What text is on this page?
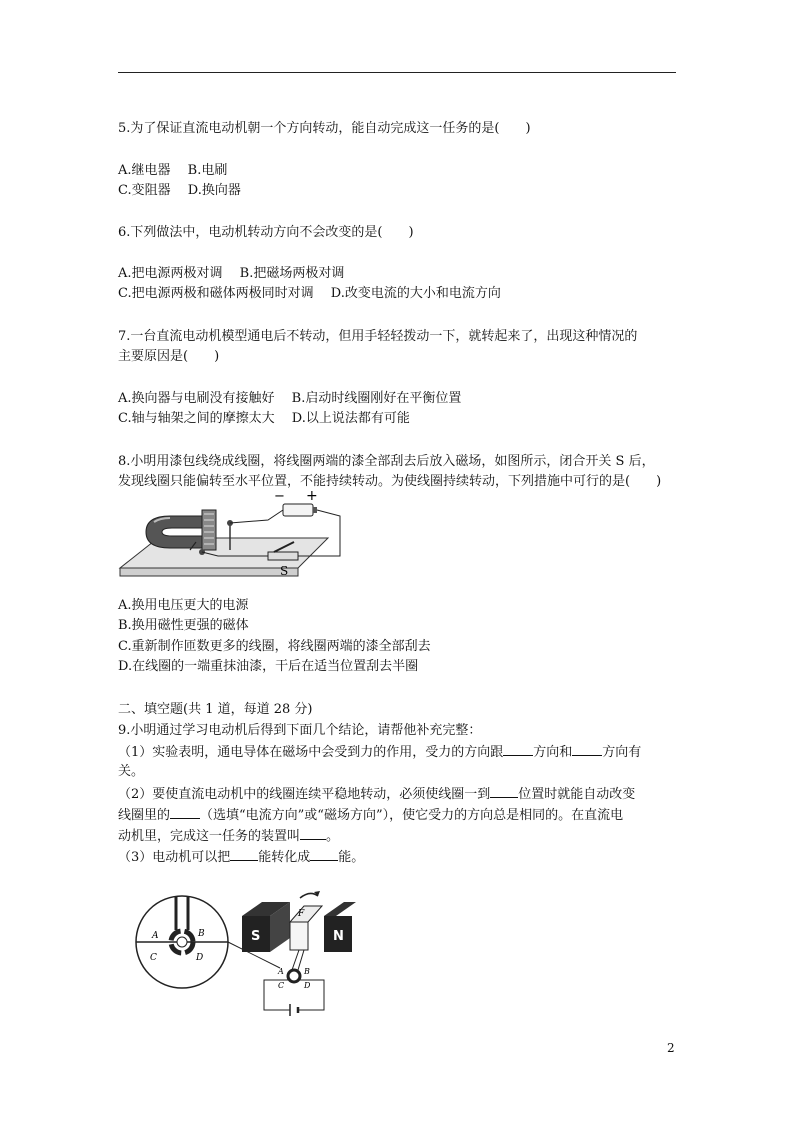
5.为了保证直流电动机朝一个方向转动，能自动完成这一任务的是(　　)
A.继电器　 B.电刷
C.变阻器　 D.换向器
6.下列做法中，电动机转动方向不会改变的是(　　)
A.把电源两极对调　 B.把磁场两极对调
C.把电源两极和磁体两极同时对调　 D.改变电流的大小和电流方向
7.一台直流电动机模型通电后不转动，但用手轻轻拨动一下，就转起来了，出现这种情况的
主要原因是(　　)
A.换向器与电刷没有接触好　 B.启动时线圈刚好在平衡位置
C.轴与轴架之间的摩擦太大　 D.以上说法都有可能
8.小明用漆包线绕成线圈，将线圈两端的漆全部刮去后放入磁场，如图所示，闭合开关 S 后，
发现线圈只能偏转至水平位置，不能持续转动。为使线圈持续转动，下列措施中可行的是(　　)
− +
S
A.换用电压更大的电源
B.换用磁性更强的磁体
C.重新制作匝数更多的线圈，将线圈两端的漆全部刮去
D.在线圈的一端重抹油漆，干后在适当位置刮去半圈
二、填空题(共 1 道，每道 28 分)
9.小明通过学习电动机后得到下面几个结论，请帮他补充完整：
（1）实验表明，通电导体在磁场中会受到力的作用，受力的方向跟 方向和 方向有
关。
（2）要使直流电动机中的线圈连续平稳地转动，必须使线圈一到 位置时就能自动改变
线圈里的 （选填“电流方向”或“磁场方向”），使它受力的方向总是相同的。在直流电
动机里，完成这一任务的装置叫 。
（3）电动机可以把 能转化成 能。
A	B
C	D
S	N
F
A	B
C D
2
